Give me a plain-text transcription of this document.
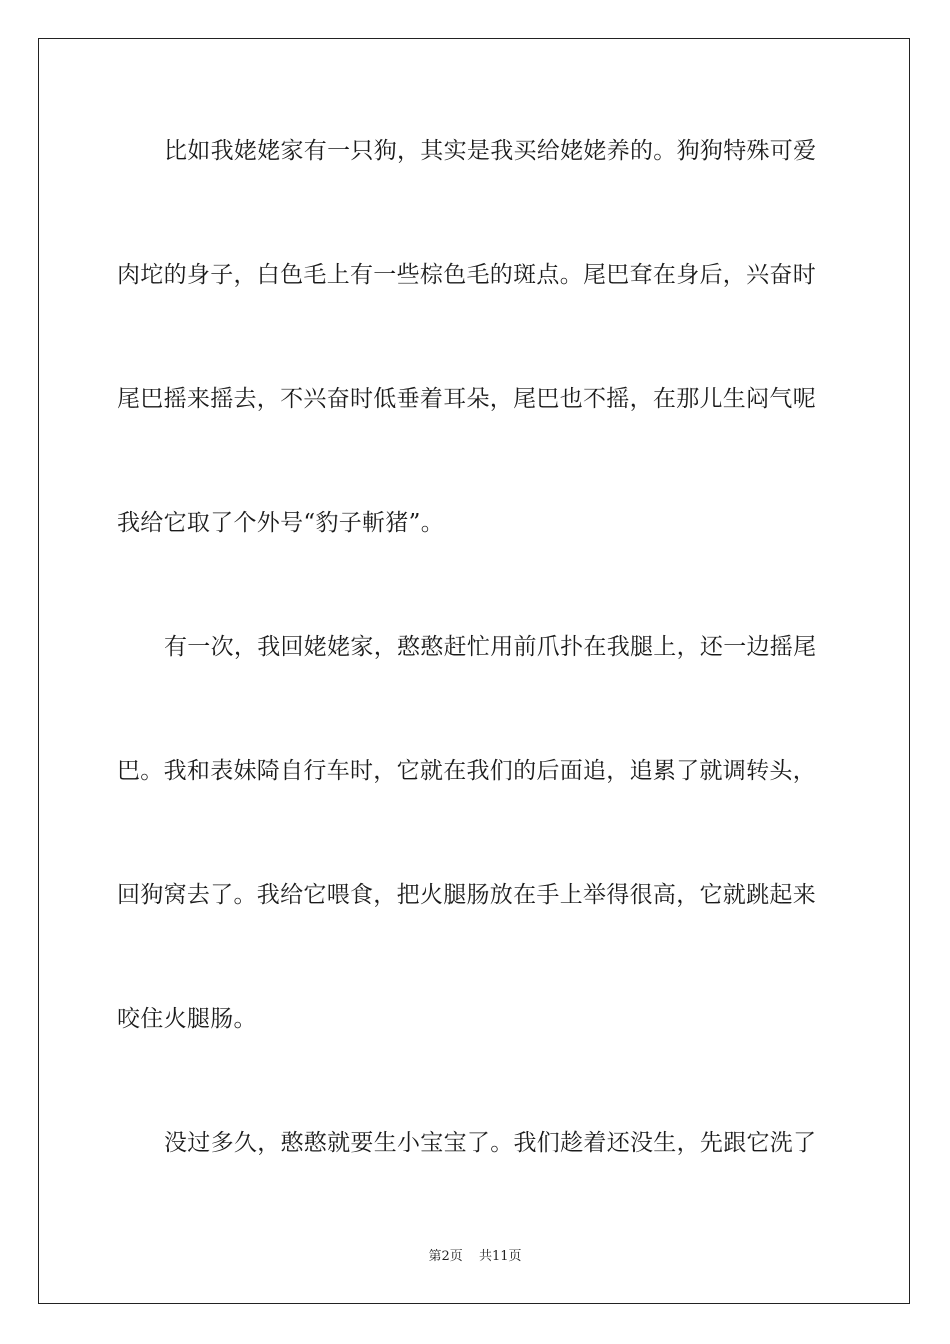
比如我姥姥家有一只狗，其实是我买给姥姥养的。狗狗特殊可爱
肉坨的身子，白色毛上有一些棕色毛的斑点。尾巴耷在身后，兴奋时
尾巴摇来摇去，不兴奋时低垂着耳朵，尾巴也不摇，在那儿生闷气呢
我给它取了个外号“豹子斬猪”。
有一次，我回姥姥家，憨憨赶忙用前爪扑在我腿上，还一边摇尾
巴。我和表妹陭自行车时，它就在我们的后面追，追累了就调转头，
回狗窝去了。我给它喂食，把火腿肠放在手上举得很高，它就跳起来
咬住火腿肠。
没过多久，憨憨就要生小宝宝了。我们趁着还没生，先跟它洗了
第2页 共11页
